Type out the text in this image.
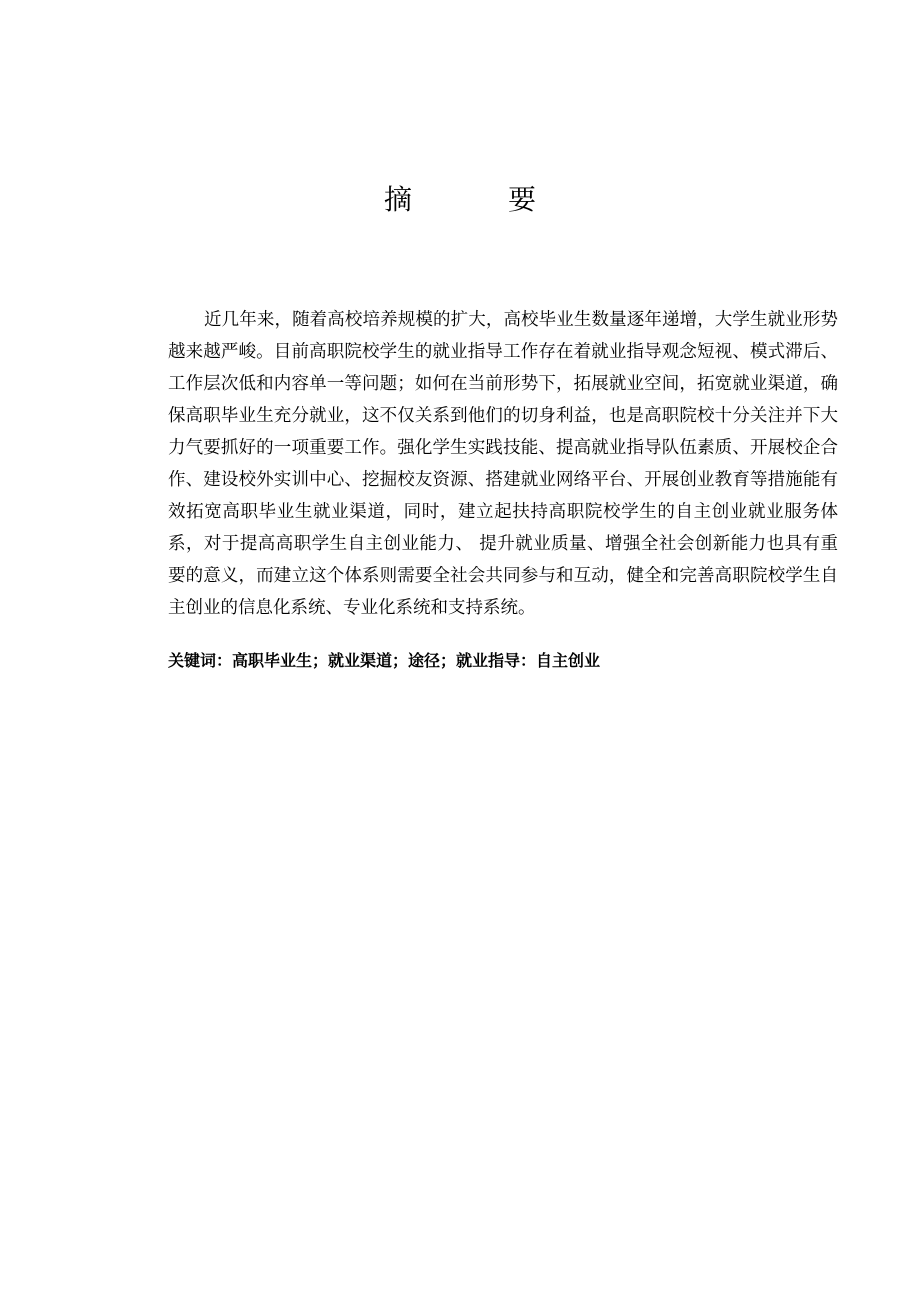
摘　要

近几年来，随着高校培养规模的扩大，高校毕业生数量逐年递增，大学生就业形势越来越严峻。目前高职院校学生的就业指导工作存在着就业指导观念短视、模式滞后、工作层次低和内容单一等问题；如何在当前形势下，拓展就业空间，拓宽就业渠道，确保高职毕业生充分就业，这不仅关系到他们的切身利益，也是高职院校十分关注并下大力气要抓好的一项重要工作。强化学生实践技能、提高就业指导队伍素质、开展校企合作、建设校外实训中心、挖掘校友资源、搭建就业网络平台、开展创业教育等措施能有效拓宽高职毕业生就业渠道，同时，建立起扶持高职院校学生的自主创业就业服务体系，对于提高高职学生自主创业能力、 提升就业质量、增强全社会创新能力也具有重要的意义，而建立这个体系则需要全社会共同参与和互动，健全和完善高职院校学生自主创业的信息化系统、专业化系统和支持系统。

关键词：高职毕业生；就业渠道；途径；就业指导：自主创业
